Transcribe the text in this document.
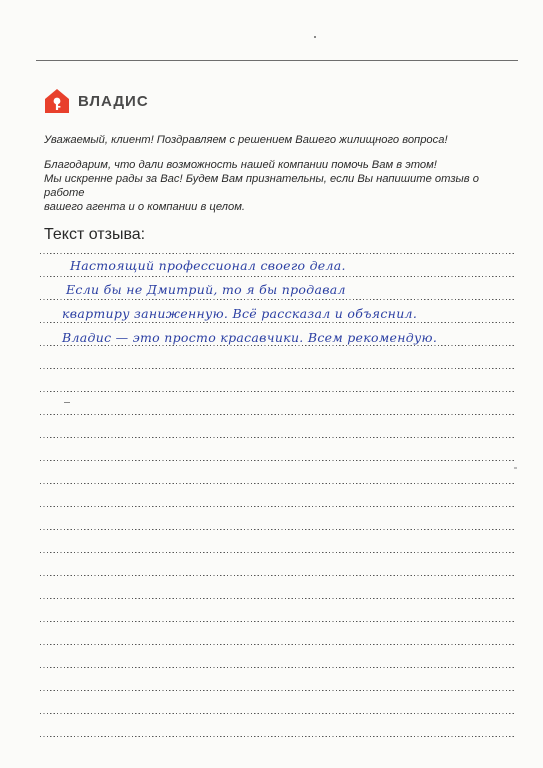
ВЛАДИС

Уважаемый, клиент! Поздравляем с решением Вашего жилищного вопроса!

Благодарим, что дали возможность нашей компании помочь Вам в этом!

Мы искренне рады за Вас! Будем Вам признательны, если Вы напишите отзыв о работе

вашего агента и о компании в целом.

Текст отзыва:
Настоящий профессионал своего дела.
Если бы не Дмитрий, то я бы продавал
квартиру заниженную. Всё рассказал и объяснил.
Владис — это просто красавчики. Всем рекомендую.
